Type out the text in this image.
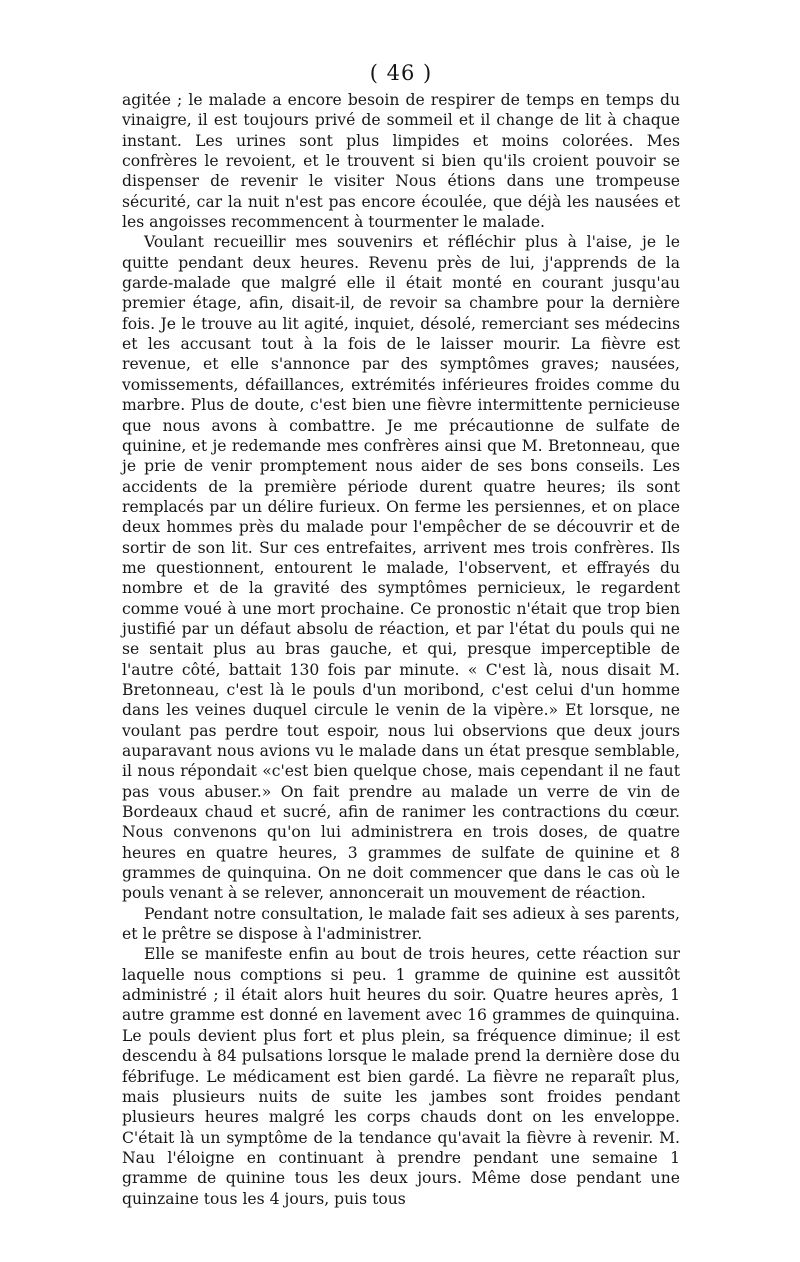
( 46 )

agitée ; le malade a encore besoin de respirer de temps en temps du vinaigre, il est toujours privé de sommeil et il change de lit à chaque instant. Les urines sont plus limpides et moins colorées. Mes confrères le revoient, et le trouvent si bien qu'ils croient pouvoir se dispenser de revenir le visiter Nous étions dans une trompeuse sécurité, car la nuit n'est pas encore écoulée, que déjà les nausées et les angoisses recommencent à tourmenter le malade.

Voulant recueillir mes souvenirs et réfléchir plus à l'aise, je le quitte pendant deux heures. Revenu près de lui, j'apprends de la garde-malade que malgré elle il était monté en courant jusqu'au premier étage, afin, disait-il, de revoir sa chambre pour la dernière fois. Je le trouve au lit agité, inquiet, désolé, remerciant ses médecins et les accusant tout à la fois de le laisser mourir. La fièvre est revenue, et elle s'annonce par des symptômes graves; nausées, vomissements, défaillances, extrémités inférieures froides comme du marbre. Plus de doute, c'est bien une fièvre intermittente pernicieuse que nous avons à combattre. Je me précautionne de sulfate de quinine, et je redemande mes confrères ainsi que M. Bretonneau, que je prie de venir promptement nous aider de ses bons conseils. Les accidents de la première période durent quatre heures; ils sont remplacés par un délire furieux. On ferme les persiennes, et on place deux hommes près du malade pour l'empêcher de se découvrir et de sortir de son lit. Sur ces entrefaites, arrivent mes trois confrères. Ils me questionnent, entourent le malade, l'observent, et effrayés du nombre et de la gravité des symptômes pernicieux, le regardent comme voué à une mort prochaine. Ce pronostic n'était que trop bien justifié par un défaut absolu de réaction, et par l'état du pouls qui ne se sentait plus au bras gauche, et qui, presque imperceptible de l'autre côté, battait 130 fois par minute. « C'est là, nous disait M. Bretonneau, c'est là le pouls d'un moribond, c'est celui d'un homme dans les veines duquel circule le venin de la vipère.» Et lorsque, ne voulant pas perdre tout espoir, nous lui observions que deux jours auparavant nous avions vu le malade dans un état presque semblable, il nous répondait «c'est bien quelque chose, mais cependant il ne faut pas vous abuser.» On fait prendre au malade un verre de vin de Bordeaux chaud et sucré, afin de ranimer les contractions du cœur. Nous convenons qu'on lui administrera en trois doses, de quatre heures en quatre heures, 3 grammes de sulfate de quinine et 8 grammes de quinquina. On ne doit commencer que dans le cas où le pouls venant à se relever, annoncerait un mouvement de réaction.

Pendant notre consultation, le malade fait ses adieux à ses parents, et le prêtre se dispose à l'administrer.

Elle se manifeste enfin au bout de trois heures, cette réaction sur laquelle nous comptions si peu. 1 gramme de quinine est aussitôt administré ; il était alors huit heures du soir. Quatre heures après, 1 autre gramme est donné en lavement avec 16 grammes de quinquina. Le pouls devient plus fort et plus plein, sa fréquence diminue; il est descendu à 84 pulsations lorsque le malade prend la dernière dose du fébrifuge. Le médicament est bien gardé. La fièvre ne reparaît plus, mais plusieurs nuits de suite les jambes sont froides pendant plusieurs heures malgré les corps chauds dont on les enveloppe. C'était là un symptôme de la tendance qu'avait la fièvre à revenir. M. Nau l'éloigne en continuant à prendre pendant une semaine 1 gramme de quinine tous les deux jours. Même dose pendant une quinzaine tous les 4 jours, puis tous
